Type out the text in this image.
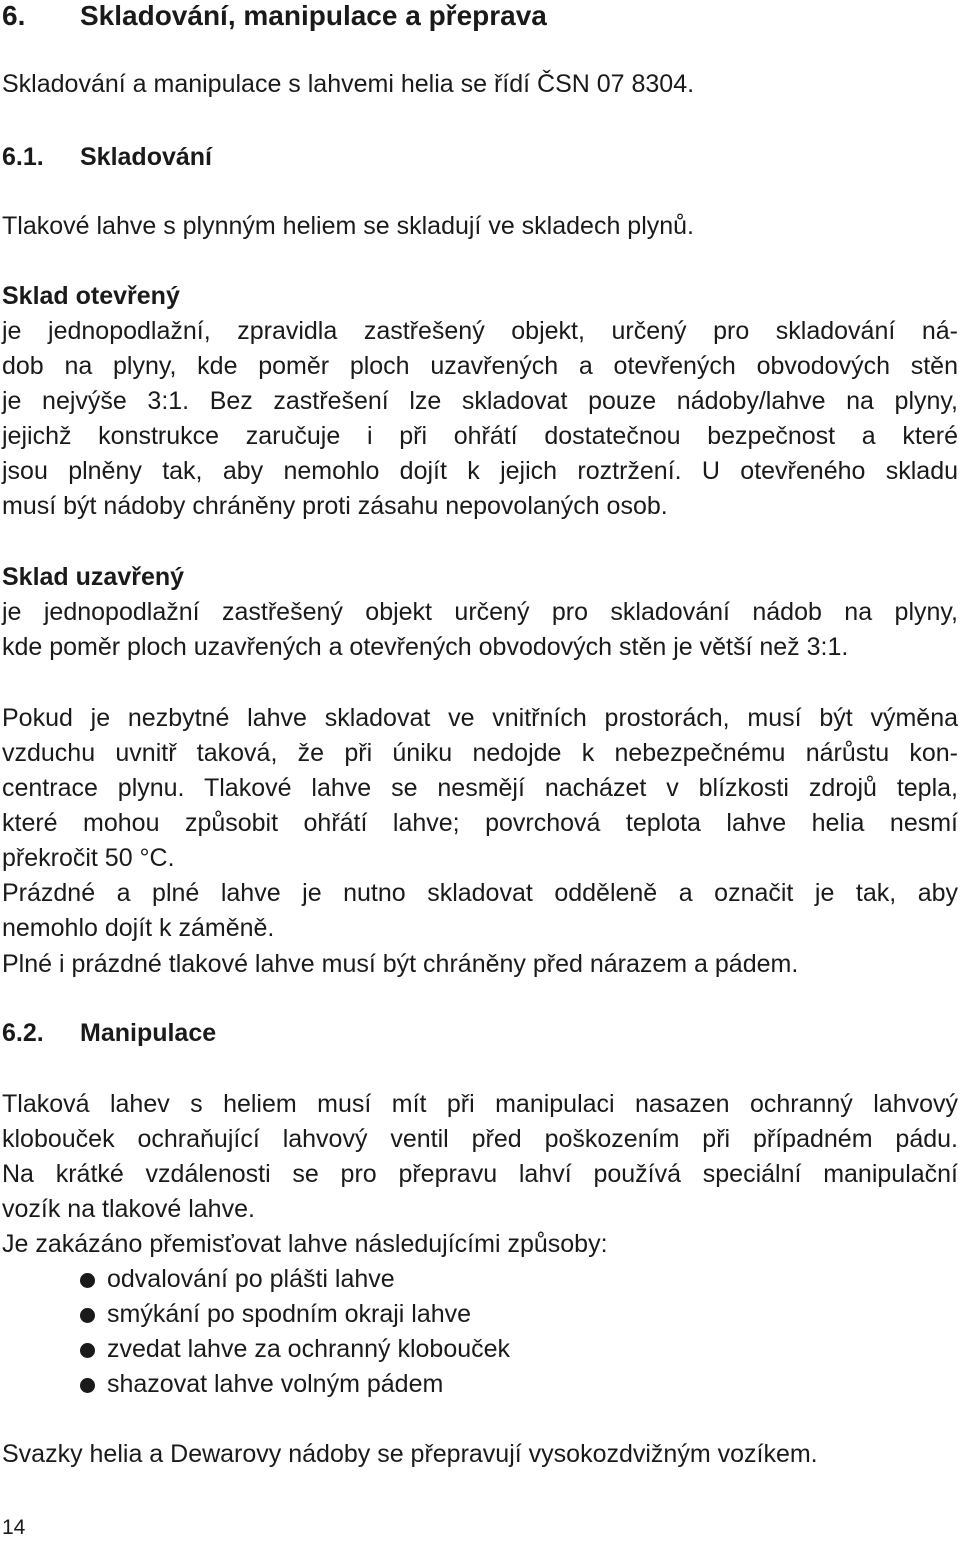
6. Skladování, manipulace a přeprava
Skladování a manipulace s lahvemi helia se řídí ČSN 07 8304.
6.1. Skladování
Tlakové lahve s plynným heliem se skladují ve skladech plynů.
Sklad otevřený
je jednopodlažní, zpravidla zastřešený objekt, určený pro skladování ná-
dob na plyny, kde poměr ploch uzavřených a otevřených obvodových stěn
je nejvýše 3:1. Bez zastřešení lze skladovat pouze nádoby/lahve na plyny,
jejichž konstrukce zaručuje i při ohřátí dostatečnou bezpečnost a které
jsou plněny tak, aby nemohlo dojít k jejich roztržení. U otevřeného skladu
musí být nádoby chráněny proti zásahu nepovolaných osob.
Sklad uzavřený
je jednopodlažní zastřešený objekt určený pro skladování nádob na plyny,
kde poměr ploch uzavřených a otevřených obvodových stěn je větší než 3:1.
Pokud je nezbytné lahve skladovat ve vnitřních prostorách, musí být výměna
vzduchu uvnitř taková, že při úniku nedojde k nebezpečnému nárůstu kon-
centrace plynu. Tlakové lahve se nesmějí nacházet v blízkosti zdrojů tepla,
které mohou způsobit ohřátí lahve; povrchová teplota lahve helia nesmí
překročit 50 °C.
Prázdné a plné lahve je nutno skladovat odděleně a označit je tak, aby
nemohlo dojít k záměně.
Plné i prázdné tlakové lahve musí být chráněny před nárazem a pádem.
6.2. Manipulace
Tlaková lahev s heliem musí mít při manipulaci nasazen ochranný lahvový
klobouček ochraňující lahvový ventil před poškozením při případném pádu.
Na krátké vzdálenosti se pro přepravu lahví používá speciální manipulační
vozík na tlakové lahve.
Je zakázáno přemisťovat lahve následujícími způsoby:
odvalování po plášti lahve
smýkání po spodním okraji lahve
zvedat lahve za ochranný klobouček
shazovat lahve volným pádem
Svazky helia a Dewarovy nádoby se přepravují vysokozdvižným vozíkem.
14
